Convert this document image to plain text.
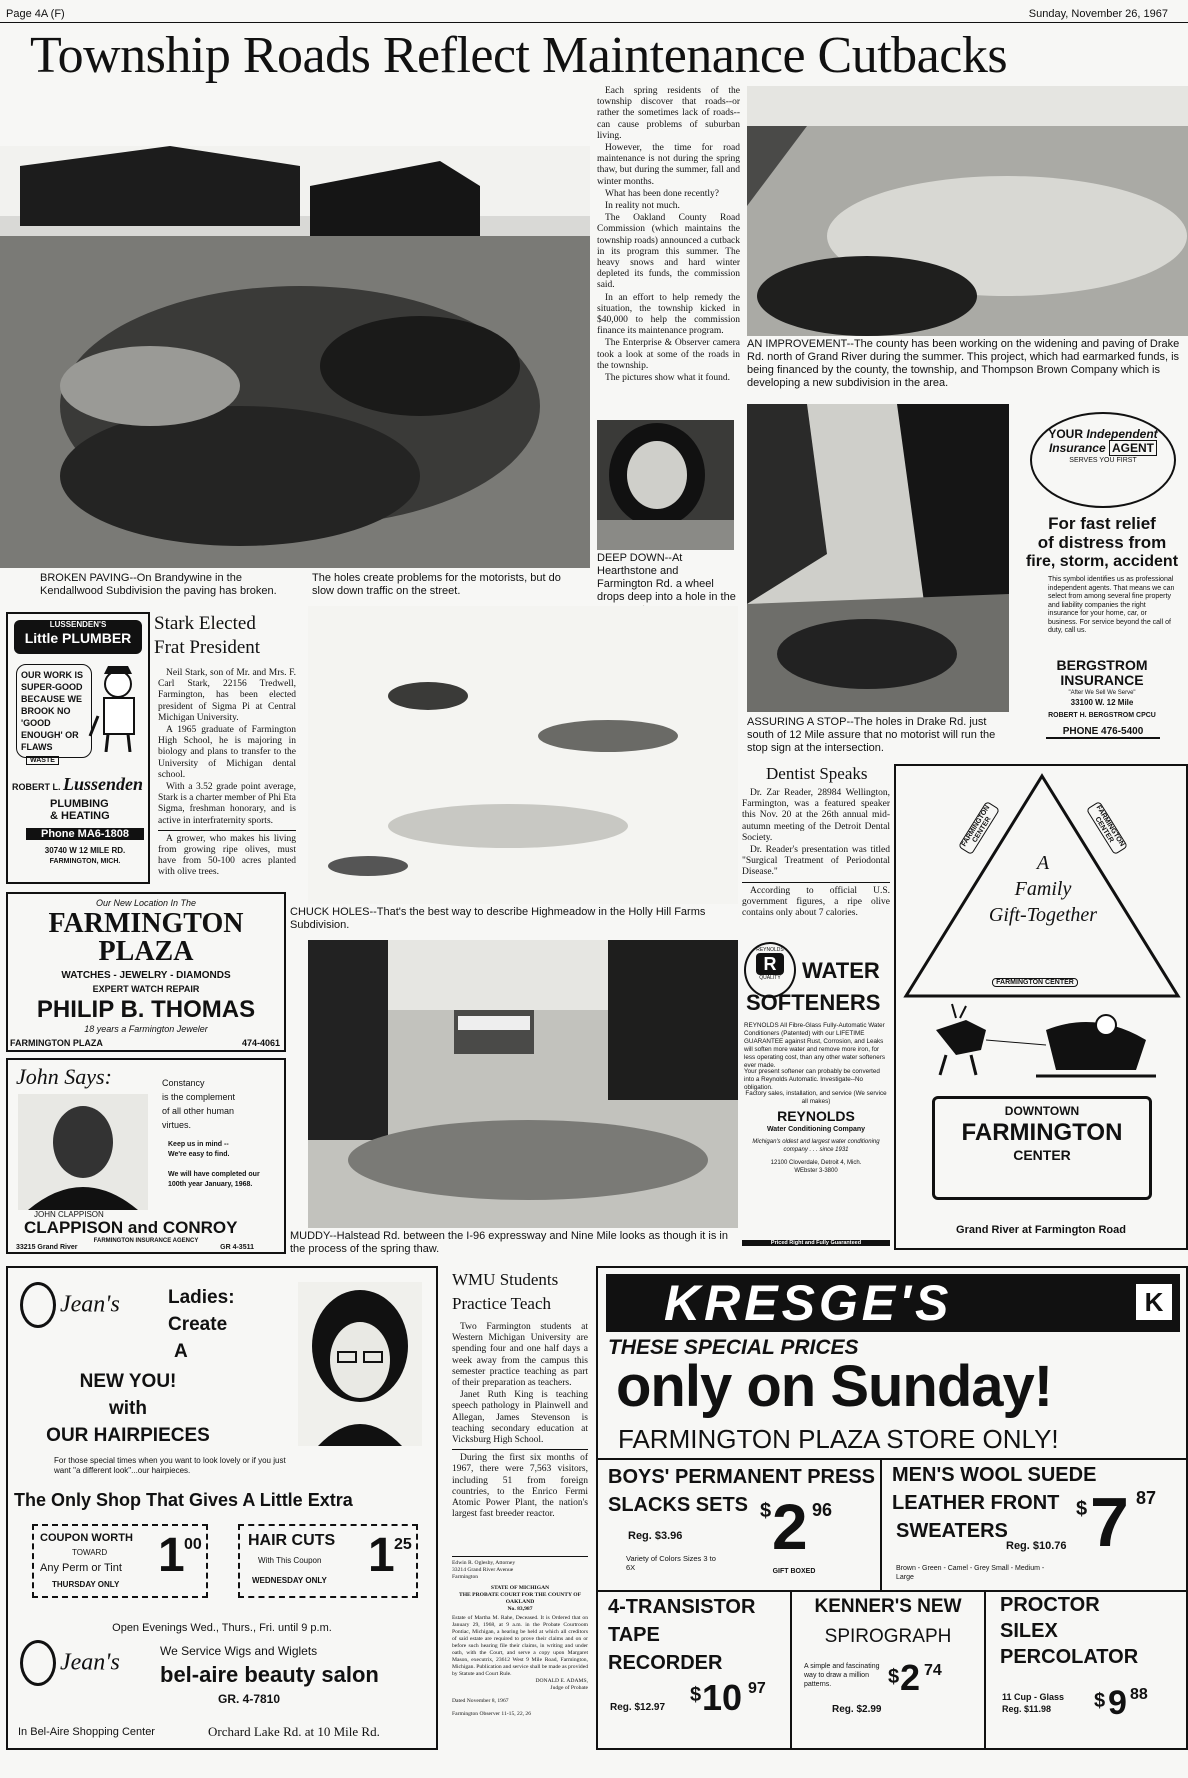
Page 4A (F)	Sunday, November 26, 1967
Township Roads Reflect Maintenance Cutbacks

Each spring residents of the township discover that roads--or rather the sometimes lack of roads--can cause problems of suburban living.

However, the time for road maintenance is not during the spring thaw, but during the summer, fall and winter months.

What has been done recently?

In reality not much.

The Oakland County Road Commission (which maintains the township roads) announced a cutback in its program this summer. The heavy snows and hard winter depleted its funds, the commission said.

In an effort to help remedy the situation, the township kicked in $40,000 to help the commission finance its maintenance program.

The Enterprise & Observer camera took a look at some of the roads in the township.

The pictures show what it found.

AN IMPROVEMENT--The county has been working on the widening and paving of Drake Rd. north of Grand River during the summer. This project, which had earmarked funds, is being financed by the county, the township, and Thompson Brown Company which is developing a new subdivision in the area.
DEEP DOWN--At Hearthstone and Farmington Rd. a wheel drops deep into a hole in the
ASSURING A STOP--The holes in Drake Rd. just south of 12 Mile assure that no motorist will run the stop sign at the intersection.
BROKEN PAVING--On Brandywine in the Kendallwood Subdivision the paving has broken.
The holes create problems for the motorists, but do slow down traffic on the street.
YOUR Independent
Insurance AGENT
SERVES YOU FIRST
For fast relief
of distress from
fire, storm, accident
This symbol identifies us as professional independent agents. That means we can select from among several fine property and liability companies the right insurance for your home, car, or business. For service beyond the call of duty, call us.
BERGSTROM
INSURANCE
"After We Sell We Serve"
33100 W. 12 Mile
ROBERT H. BERGSTROM CPCU
PHONE 476-5400
LUSSENDEN'S
Little PLUMBER
OUR WORK IS SUPER-GOOD BECAUSE WE BROOK NO 'GOOD ENOUGH' OR FLAWS
WASTE
ROBERT L. Lussenden
PLUMBING
& HEATING
Phone MA6-1808
30740 W 12 MILE RD.
FARMINGTON, MICH.
Stark Elected
Frat President

Neil Stark, son of Mr. and Mrs. F. Carl Stark, 22156 Tredwell, Farmington, has been elected president of Sigma Pi at Central Michigan University.

A 1965 graduate of Farmington High School, he is majoring in biology and plans to transfer to the University of Michigan dental school.

With a 3.52 grade point average, Stark is a charter member of Phi Eta Sigma, freshman honorary, and is active in interfraternity sports.

A grower, who makes his living from growing ripe olives, must have from 50-100 acres planted with olive trees.

CHUCK HOLES--That's the best way to describe Highmeadow in the Holly Hill Farms Subdivision.
Dentist Speaks

Dr. Zar Reader, 28984 Wellington, Farmington, was a featured speaker this Nov. 20 at the 26th annual mid-autumn meeting of the Detroit Dental Society.

Dr. Reader's presentation was titled "Surgical Treatment of Periodontal Disease."

According to official U.S. government figures, a ripe olive contains only about 7 calories.

FARMINGTON CENTER	FARMINGTON CENTER
A
Family
Gift-Together
FARMINGTON CENTER
DOWNTOWN
FARMINGTON
CENTER
Grand River at Farmington Road
Our New Location In The
FARMINGTON
PLAZA
WATCHES - JEWELRY - DIAMONDS
EXPERT WATCH REPAIR
PHILIP B. THOMAS
18 years a Farmington Jeweler
FARMINGTON PLAZA	474-4061
John Says:	Constancy
is the complement
of all other human
virtues.
Keep us in mind --
We're easy to find.
We will have completed our
100th year January, 1968.
JOHN CLAPPISON
CLAPPISON and CONROY
FARMINGTON INSURANCE AGENCY
33215 Grand River	GR 4-3511
MUDDY--Halstead Rd. between the I-96 expressway and Nine Mile looks as though it is in the process of the spring thaw.
REYNOLDS
R
QUALITY WATER
SOFTENERS
REYNOLDS All Fibre-Glass Fully-Automatic Water Conditioners (Patented) with our LIFETIME GUARANTEE against Rust, Corrosion, and Leaks will soften more water and remove more iron, for less operating cost, than any other water softeners ever made.
Your present softener can probably be converted into a Reynolds Automatic. Investigate--No obligation.
Factory sales, installation, and service (We service all makes)
REYNOLDS
Water Conditioning Company
Michigan's oldest and largest water conditioning company . . . since 1931
12100 Cloverdale, Detroit 4, Mich.
WEbster 3-3800
Priced Right and Fully Guaranteed
Jean's	Ladies:
Create
A
NEW YOU!
with
OUR HAIRPIECES
For those special times when you want to look lovely or if you just want "a different look"...our hairpieces.
The Only Shop That Gives A Little Extra
COUPON WORTH
TOWARD
Any Perm or Tint
THURSDAY ONLY
1 00	HAIR CUTS
With This Coupon
WEDNESDAY ONLY 1 25
Open Evenings Wed., Thurs., Fri. until 9 p.m.
Jean's	We Service Wigs and Wiglets
bel-aire beauty salon
GR. 4-7810
In Bel-Aire Shopping Center	Orchard Lake Rd. at 10 Mile Rd.
WMU Students
Practice Teach

Two Farmington students at Western Michigan University are spending four and one half days a week away from the campus this semester practice teaching as part of their preparation as teachers.

Janet Ruth King is teaching speech pathology in Plainwell and Allegan, James Stevenson is teaching secondary education at Vicksburg High School.

During the first six months of 1967, there were 7,563 visitors, including 51 from foreign countries, to the Enrico Fermi Atomic Power Plant, the nation's largest fast breeder reactor.

Edwin R. Oglesby, Attorney
33214 Grand River Avenue
Farmington
STATE OF MICHIGAN
THE PROBATE COURT FOR THE COUNTY OF OAKLAND
No. 83,987
Estate of Martha M. Rahe, Deceased. It is Ordered that on January 29, 1968, at 9 a.m. in the Probate Courtroom Pontiac, Michigan, a hearing be held at which all creditors of said estate are required to prove their claims and on or before such hearing file their claims, in writing and under oath, with the Court, and serve a copy upon Margaret Mason, executrix, 23612 West 9 Mile Road, Farmington, Michigan. Publication and service shall be made as provided by Statute and Court Rule.
DONALD E. ADAMS,
Judge of Probate
Dated November 8, 1967
Farmington Observer 11-15, 22, 26
KRESGE'S	K
THESE SPECIAL PRICES
only on Sunday!
FARMINGTON PLAZA STORE ONLY!
BOYS' PERMANENT PRESS
SLACKS SETS
Reg. $3.96
Variety of Colors Sizes 3 to 6X
$ 2 96
GIFT BOXED
MEN'S WOOL SUEDE
LEATHER FRONT
SWEATERS
Reg. $10.76
Brown - Green - Camel - Grey Small - Medium - Large
$ 7 87
4-TRANSISTOR
TAPE
RECORDER
Reg. $12.97
$ 10 97
KENNER'S NEW
SPIROGRAPH
A simple and fascinating way to draw a million patterns.
Reg. $2.99
$ 2 74
PROCTOR
SILEX
PERCOLATOR
11 Cup - Glass
Reg. $11.98 $ 9 88
